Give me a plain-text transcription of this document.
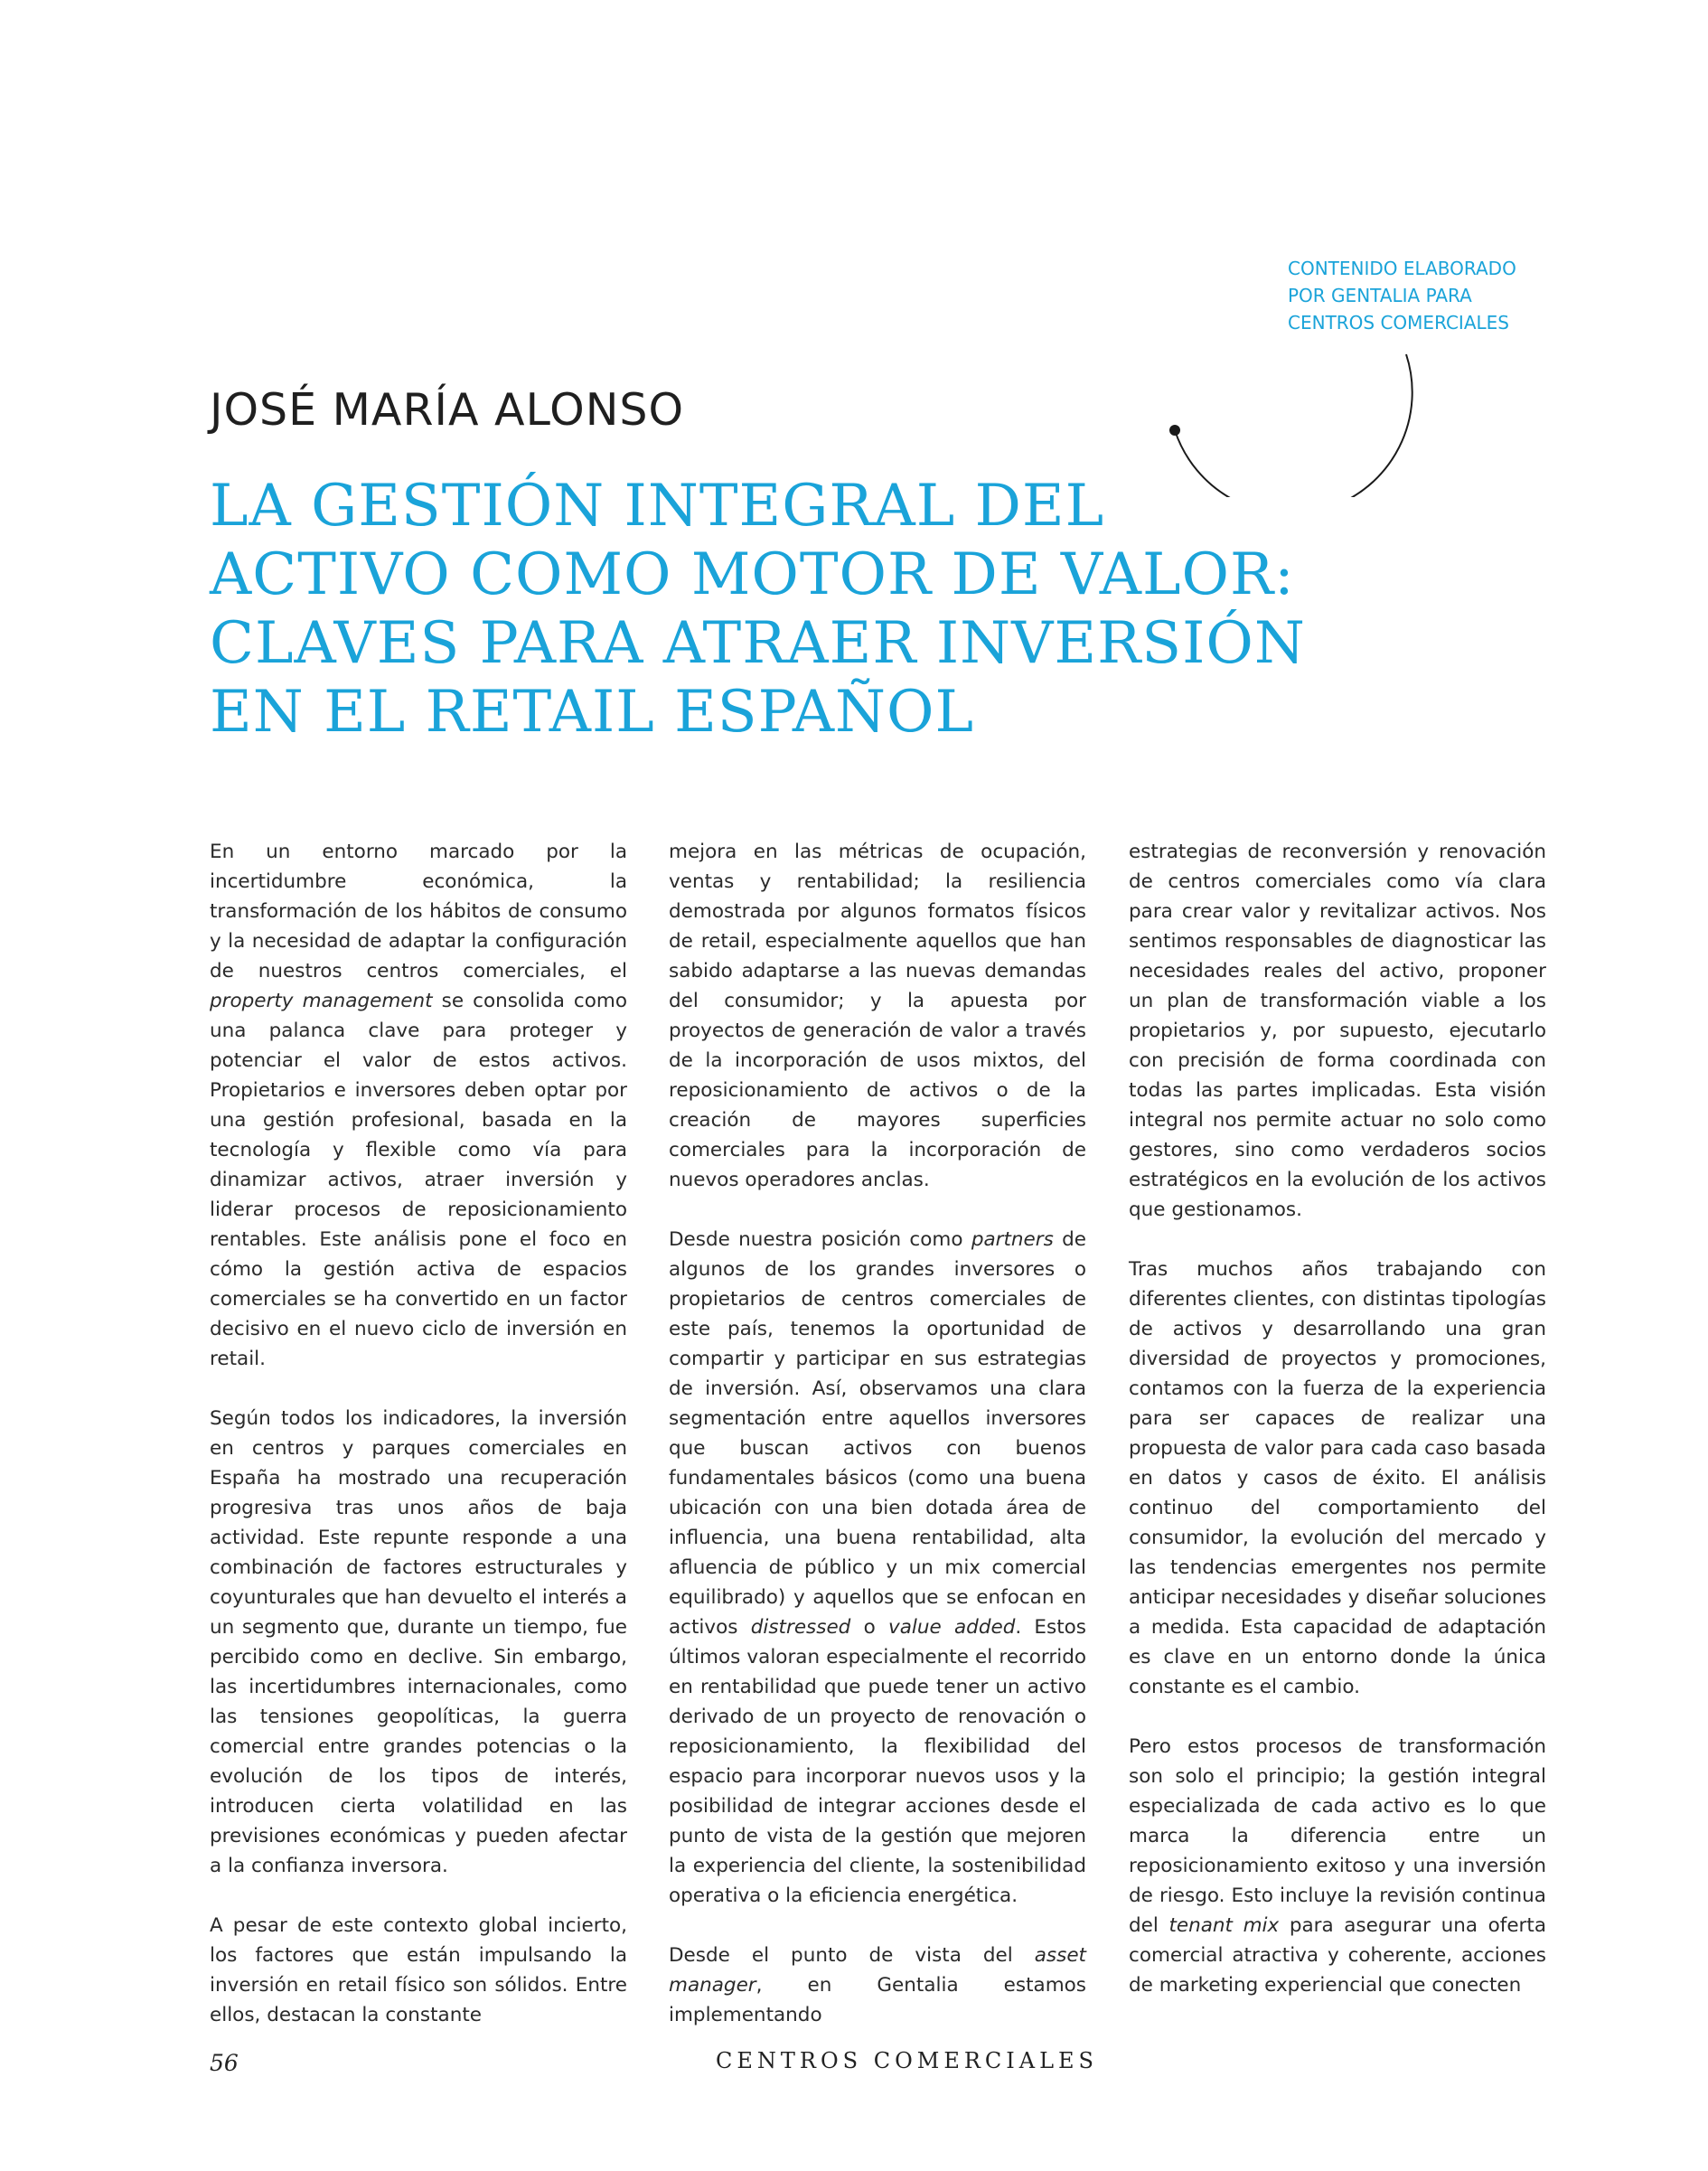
CONTENIDO ELABORADO
POR GENTALIA PARA
CENTROS COMERCIALES
JOSÉ MARÍA ALONSO
LA GESTIÓN INTEGRAL DEL
ACTIVO COMO MOTOR DE VALOR:
CLAVES PARA ATRAER INVERSIÓN
EN EL RETAIL ESPAÑOL

En un entorno marcado por la incertidumbre económica, la transformación de los hábitos de consumo y la necesidad de adaptar la configuración de nuestros centros comerciales, el property management se consolida como una palanca clave para proteger y potenciar el valor de estos activos. Propietarios e inversores deben optar por una gestión profesional, basada en la tecnología y flexible como vía para dinamizar activos, atraer inversión y liderar procesos de reposicionamiento rentables. Este análisis pone el foco en cómo la gestión activa de espacios comerciales se ha convertido en un factor decisivo en el nuevo ciclo de inversión en retail.

Según todos los indicadores, la inversión en centros y parques comerciales en España ha mostrado una recuperación progresiva tras unos años de baja actividad. Este repunte responde a una combinación de factores estructurales y coyunturales que han devuelto el interés a un segmento que, durante un tiempo, fue percibido como en declive. Sin embargo, las incertidumbres internacionales, como las tensiones geopolíticas, la guerra comercial entre grandes potencias o la evolución de los tipos de interés, introducen cierta volatilidad en las previsiones económicas y pueden afectar a la confianza inversora.

A pesar de este contexto global incierto, los factores que están impulsando la inversión en retail físico son sólidos. Entre ellos, destacan la constante

mejora en las métricas de ocupación, ventas y rentabilidad; la resiliencia demostrada por algunos formatos físicos de retail, especialmente aquellos que han sabido adaptarse a las nuevas demandas del consumidor; y la apuesta por proyectos de generación de valor a través de la incorporación de usos mixtos, del reposicionamiento de activos o de la creación de mayores superficies comerciales para la incorporación de nuevos operadores anclas.

Desde nuestra posición como partners de algunos de los grandes inversores o propietarios de centros comerciales de este país, tenemos la oportunidad de compartir y participar en sus estrategias de inversión. Así, observamos una clara segmentación entre aquellos inversores que buscan activos con buenos fundamentales básicos (como una buena ubicación con una bien dotada área de influencia, una buena rentabilidad, alta afluencia de público y un mix comercial equilibrado) y aquellos que se enfocan en activos distressed o value added. Estos últimos valoran especialmente el recorrido en rentabilidad que puede tener un activo derivado de un proyecto de renovación o reposicionamiento, la flexibilidad del espacio para incorporar nuevos usos y la posibilidad de integrar acciones desde el punto de vista de la gestión que mejoren la experiencia del cliente, la sostenibilidad operativa o la eficiencia energética.

Desde el punto de vista del asset manager, en Gentalia estamos implementando

estrategias de reconversión y renovación de centros comerciales como vía clara para crear valor y revitalizar activos. Nos sentimos responsables de diagnosticar las necesidades reales del activo, proponer un plan de transformación viable a los propietarios y, por supuesto, ejecutarlo con precisión de forma coordinada con todas las partes implicadas. Esta visión integral nos permite actuar no solo como gestores, sino como verdaderos socios estratégicos en la evolución de los activos que gestionamos.

Tras muchos años trabajando con diferentes clientes, con distintas tipologías de activos y desarrollando una gran diversidad de proyectos y promociones, contamos con la fuerza de la experiencia para ser capaces de realizar una propuesta de valor para cada caso basada en datos y casos de éxito. El análisis continuo del comportamiento del consumidor, la evolución del mercado y las tendencias emergentes nos permite anticipar necesidades y diseñar soluciones a medida. Esta capacidad de adaptación es clave en un entorno donde la única constante es el cambio.

Pero estos procesos de transformación son solo el principio; la gestión integral especializada de cada activo es lo que marca la diferencia entre un reposicionamiento exitoso y una inversión de riesgo. Esto incluye la revisión continua del tenant mix para asegurar una oferta comercial atractiva y coherente, acciones de marketing experiencial que conecten

56	CENTROS COMERCIALES
